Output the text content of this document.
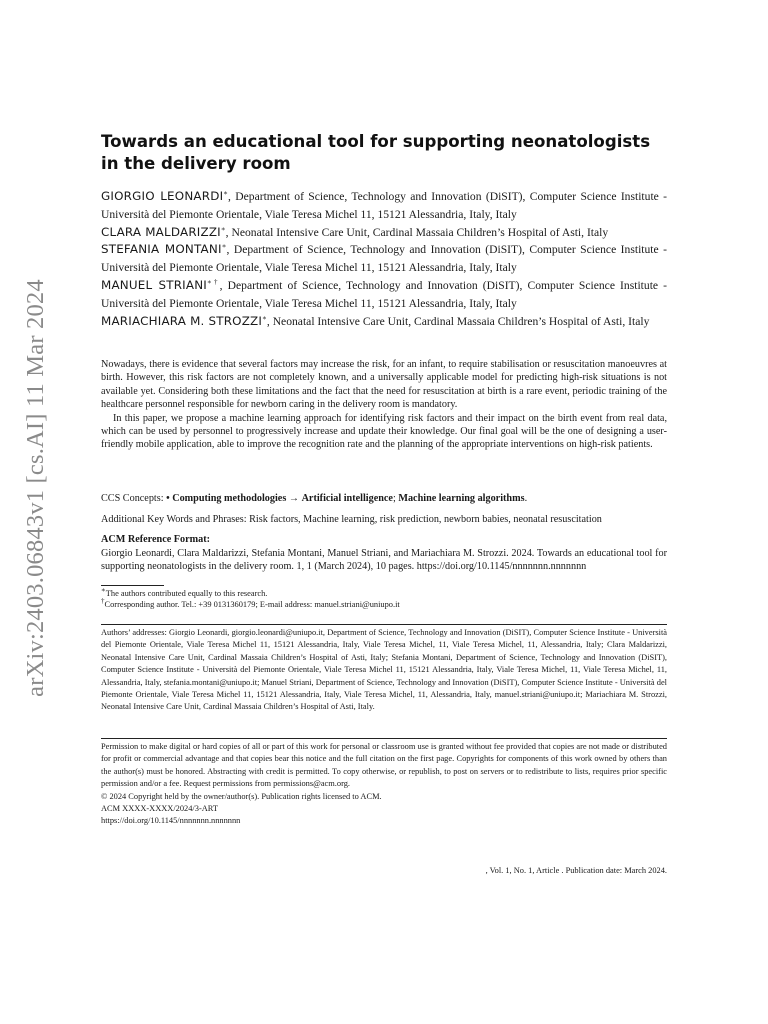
arXiv:2403.06843v1 [cs.AI] 11 Mar 2024
Towards an educational tool for supporting neonatologists in the delivery room

GIORGIO LEONARDI∗, Department of Science, Technology and Innovation (DiSIT), Computer Science Institute - Università del Piemonte Orientale, Viale Teresa Michel 11, 15121 Alessandria, Italy, Italy

CLARA MALDARIZZI∗, Neonatal Intensive Care Unit, Cardinal Massaia Children’s Hospital of Asti, Italy

STEFANIA MONTANI∗, Department of Science, Technology and Innovation (DiSIT), Computer Science Institute - Università del Piemonte Orientale, Viale Teresa Michel 11, 15121 Alessandria, Italy, Italy

MANUEL STRIANI∗†, Department of Science, Technology and Innovation (DiSIT), Computer Science Institute - Università del Piemonte Orientale, Viale Teresa Michel 11, 15121 Alessandria, Italy, Italy

MARIACHIARA M. STROZZI∗, Neonatal Intensive Care Unit, Cardinal Massaia Children’s Hospital of Asti, Italy

Nowadays, there is evidence that several factors may increase the risk, for an infant, to require stabilisation or resuscitation manoeuvres at birth. However, this risk factors are not completely known, and a universally applicable model for predicting high-risk situations is not available yet. Considering both these limitations and the fact that the need for resuscitation at birth is a rare event, periodic training of the healthcare personnel responsible for newborn caring in the delivery room is mandatory.

In this paper, we propose a machine learning approach for identifying risk factors and their impact on the birth event from real data, which can be used by personnel to progressively increase and update their knowledge. Our final goal will be the one of designing a user-friendly mobile application, able to improve the recognition rate and the planning of the appropriate interventions on high-risk patients.

CCS Concepts: • Computing methodologies → Artificial intelligence; Machine learning algorithms.
Additional Key Words and Phrases: Risk factors, Machine learning, risk prediction, newborn babies, neonatal resuscitation
ACM Reference Format:
Giorgio Leonardi, Clara Maldarizzi, Stefania Montani, Manuel Striani, and Mariachiara M. Strozzi. 2024. Towards an educational tool for supporting neonatologists in the delivery room. 1, 1 (March 2024), 10 pages. https://doi.org/10.1145/nnnnnnn.nnnnnnn

∗The authors contributed equally to this research.

†Corresponding author. Tel.: +39 0131360179; E-mail address: manuel.striani@uniupo.it

Authors’ addresses: Giorgio Leonardi, giorgio.leonardi@uniupo.it, Department of Science, Technology and Innovation (DiSIT), Computer Science Institute - Università del Piemonte Orientale, Viale Teresa Michel 11, 15121 Alessandria, Italy, Viale Teresa Michel, 11, Viale Teresa Michel, 11, Alessandria, Italy; Clara Maldarizzi, Neonatal Intensive Care Unit, Cardinal Massaia Children’s Hospital of Asti, Italy; Stefania Montani, Department of Science, Technology and Innovation (DiSIT), Computer Science Institute - Università del Piemonte Orientale, Viale Teresa Michel 11, 15121 Alessandria, Italy, Viale Teresa Michel, 11, Viale Teresa Michel, 11, Alessandria, Italy, stefania.montani@uniupo.it; Manuel Striani, Department of Science, Technology and Innovation (DiSIT), Computer Science Institute - Università del Piemonte Orientale, Viale Teresa Michel 11, 15121 Alessandria, Italy, Viale Teresa Michel, 11, Alessandria, Italy, manuel.striani@uniupo.it; Mariachiara M. Strozzi, Neonatal Intensive Care Unit, Cardinal Massaia Children’s Hospital of Asti, Italy.

Permission to make digital or hard copies of all or part of this work for personal or classroom use is granted without fee provided that copies are not made or distributed for profit or commercial advantage and that copies bear this notice and the full citation on the first page. Copyrights for components of this work owned by others than the author(s) must be honored. Abstracting with credit is permitted. To copy otherwise, or republish, to post on servers or to redistribute to lists, requires prior specific permission and/or a fee. Request permissions from permissions@acm.org.

© 2024 Copyright held by the owner/author(s). Publication rights licensed to ACM.

ACM XXXX-XXXX/2024/3-ART

https://doi.org/10.1145/nnnnnnn.nnnnnnn

, Vol. 1, No. 1, Article . Publication date: March 2024.
